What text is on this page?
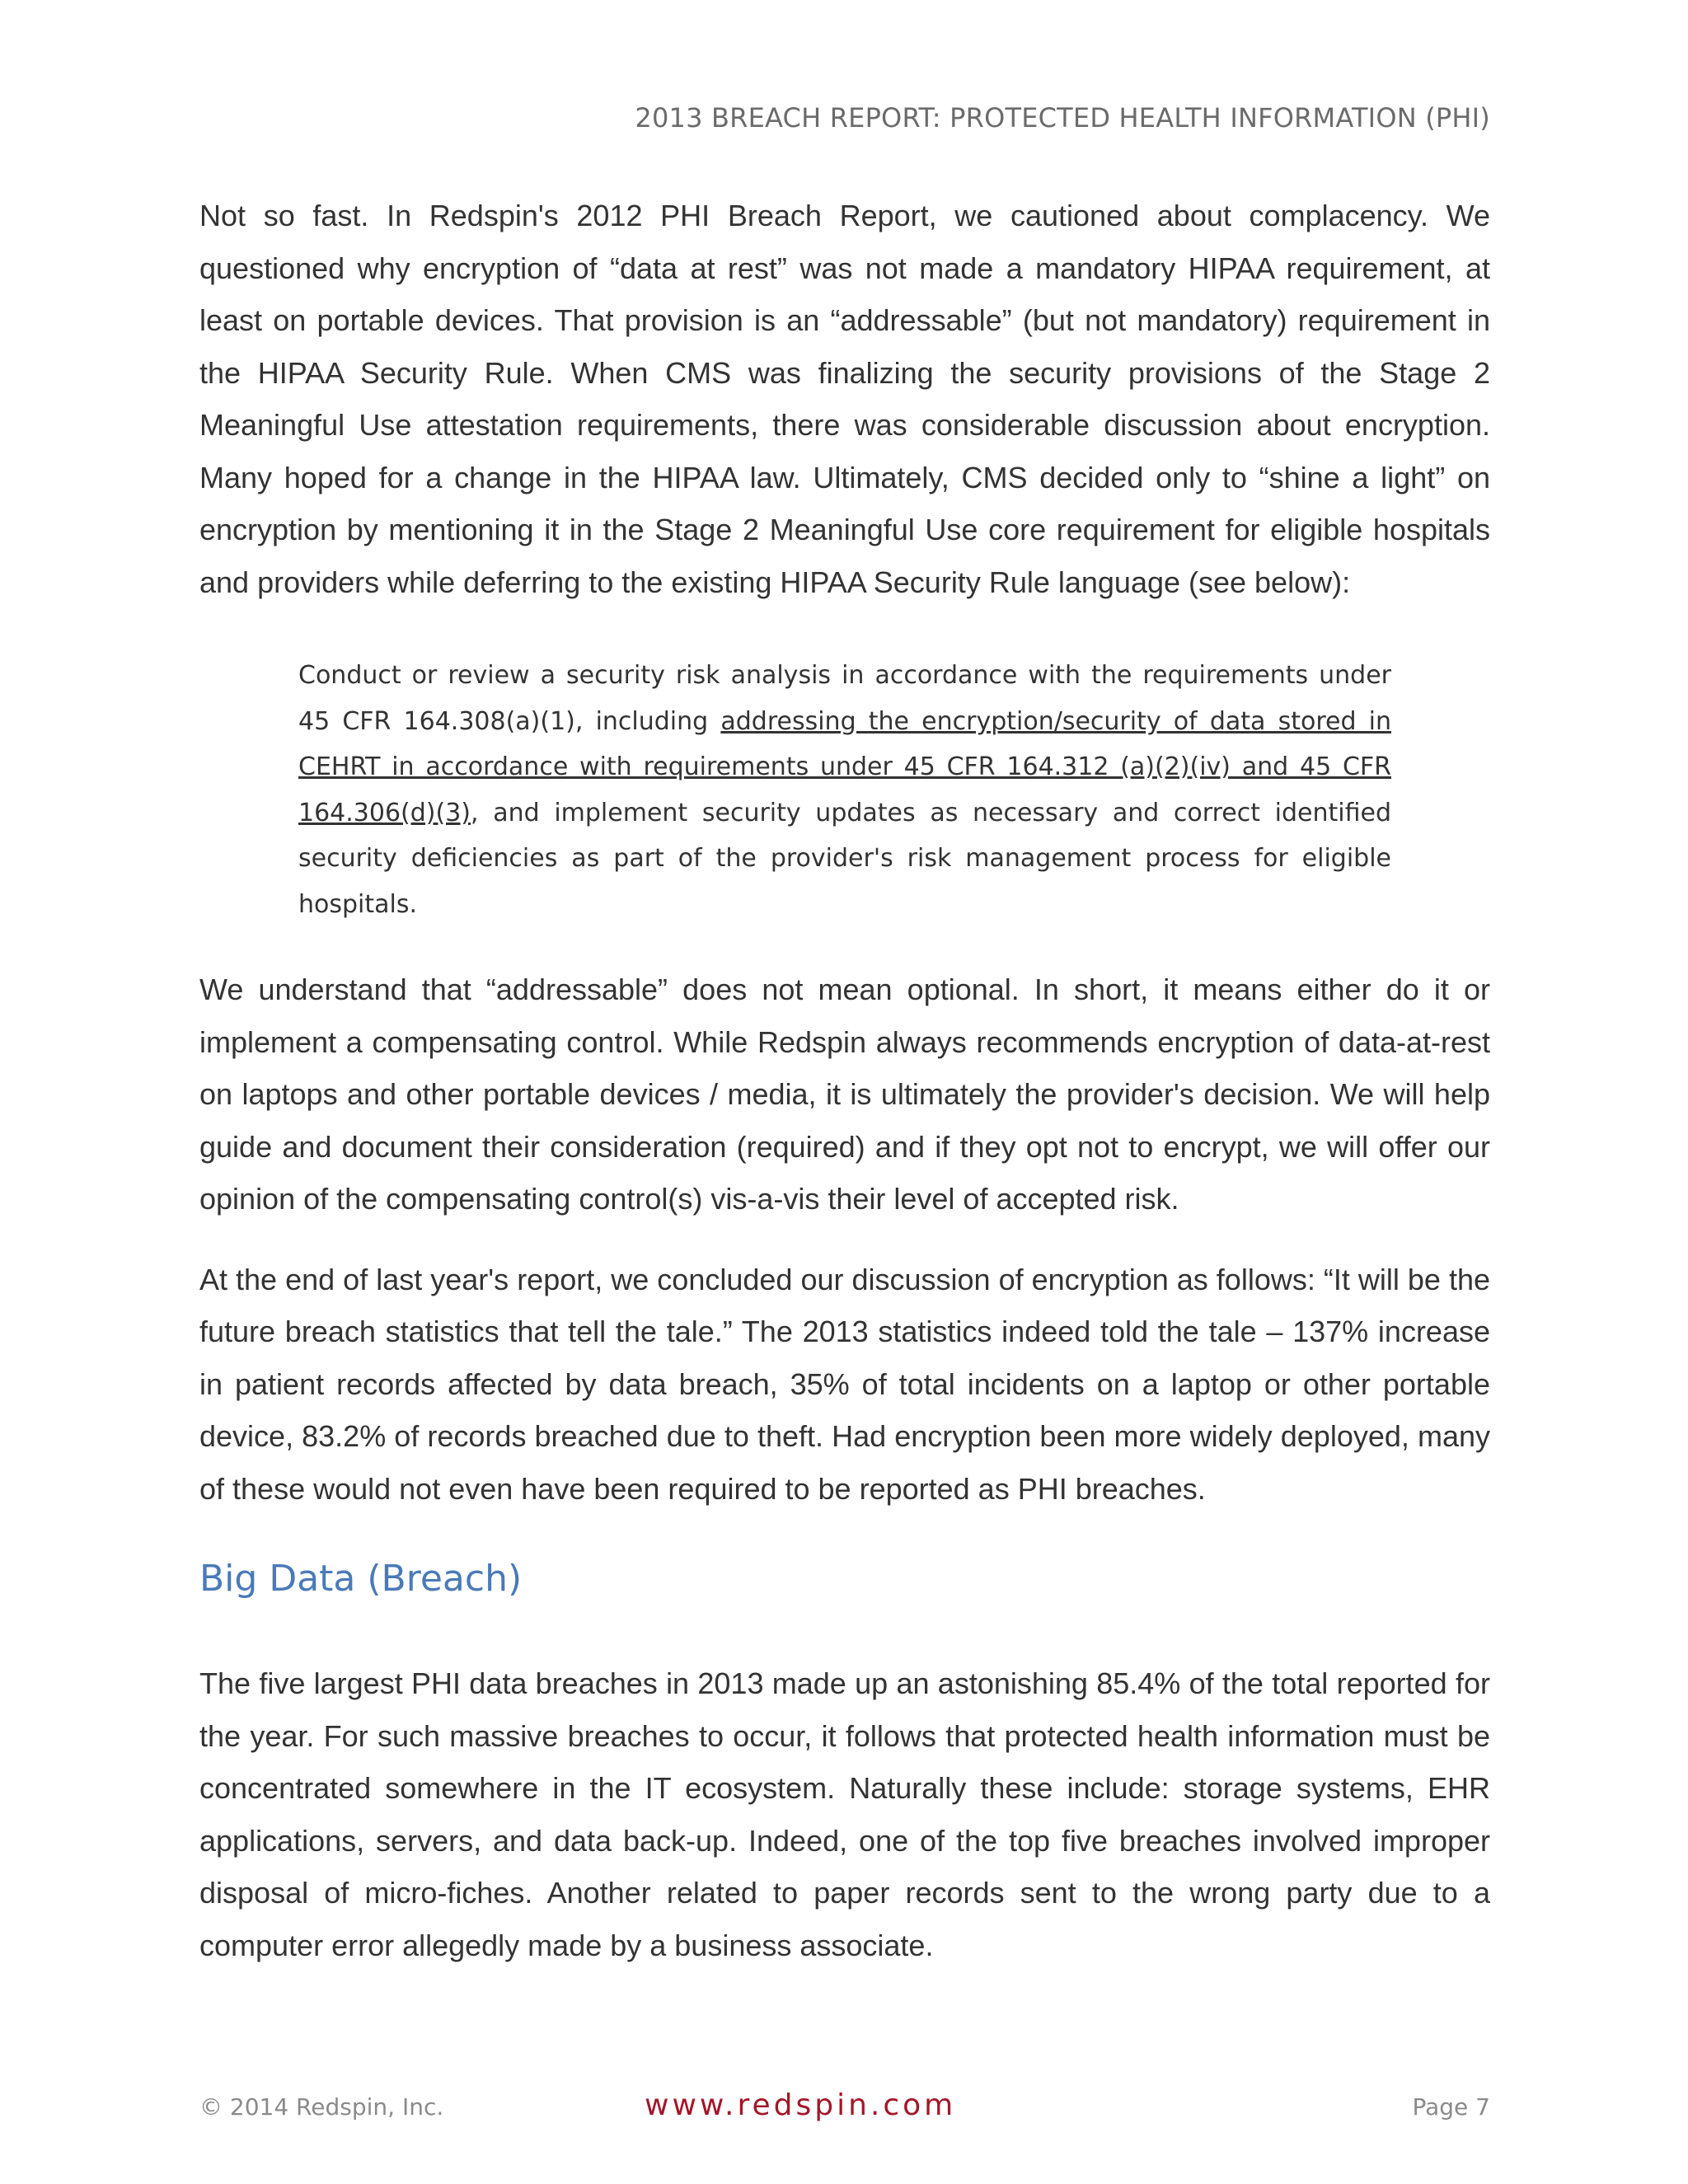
2013 BREACH REPORT: PROTECTED HEALTH INFORMATION (PHI)

Not so fast. In Redspin's 2012 PHI Breach Report, we cautioned about complacency. We questioned why encryption of “data at rest” was not made a mandatory HIPAA requirement, at least on portable devices. That provision is an “addressable” (but not mandatory) requirement in the HIPAA Security Rule. When CMS was finalizing the security provisions of the Stage 2 Meaningful Use attestation requirements, there was considerable discussion about encryption. Many hoped for a change in the HIPAA law. Ultimately, CMS decided only to “shine a light” on encryption by mentioning it in the Stage 2 Meaningful Use core requirement for eligible hospitals and providers while deferring to the existing HIPAA Security Rule language (see below):

Conduct or review a security risk analysis in accordance with the requirements under 45 CFR 164.308(a)(1), including addressing the encryption/security of data stored in CEHRT in accordance with requirements under 45 CFR 164.312 (a)(2)(iv) and 45 CFR 164.306(d)(3), and implement security updates as necessary and correct identified security deficiencies as part of the provider's risk management process for eligible hospitals.

We understand that “addressable” does not mean optional. In short, it means either do it or implement a compensating control. While Redspin always recommends encryption of data-at-rest on laptops and other portable devices / media, it is ultimately the provider's decision. We will help guide and document their consideration (required) and if they opt not to encrypt, we will offer our opinion of the compensating control(s) vis-a-vis their level of accepted risk.

At the end of last year's report, we concluded our discussion of encryption as follows: “It will be the future breach statistics that tell the tale.” The 2013 statistics indeed told the tale – 137% increase in patient records affected by data breach, 35% of total incidents on a laptop or other portable device, 83.2% of records breached due to theft. Had encryption been more widely deployed, many of these would not even have been required to be reported as PHI breaches.

Big Data (Breach)

The five largest PHI data breaches in 2013 made up an astonishing 85.4% of the total reported for the year. For such massive breaches to occur, it follows that protected health information must be concentrated somewhere in the IT ecosystem. Naturally these include: storage systems, EHR applications, servers, and data back-up. Indeed, one of the top five breaches involved improper disposal of micro-fiches. Another related to paper records sent to the wrong party due to a computer error allegedly made by a business associate.

© 2014 Redspin, Inc.	www.redspin.com	Page 7
